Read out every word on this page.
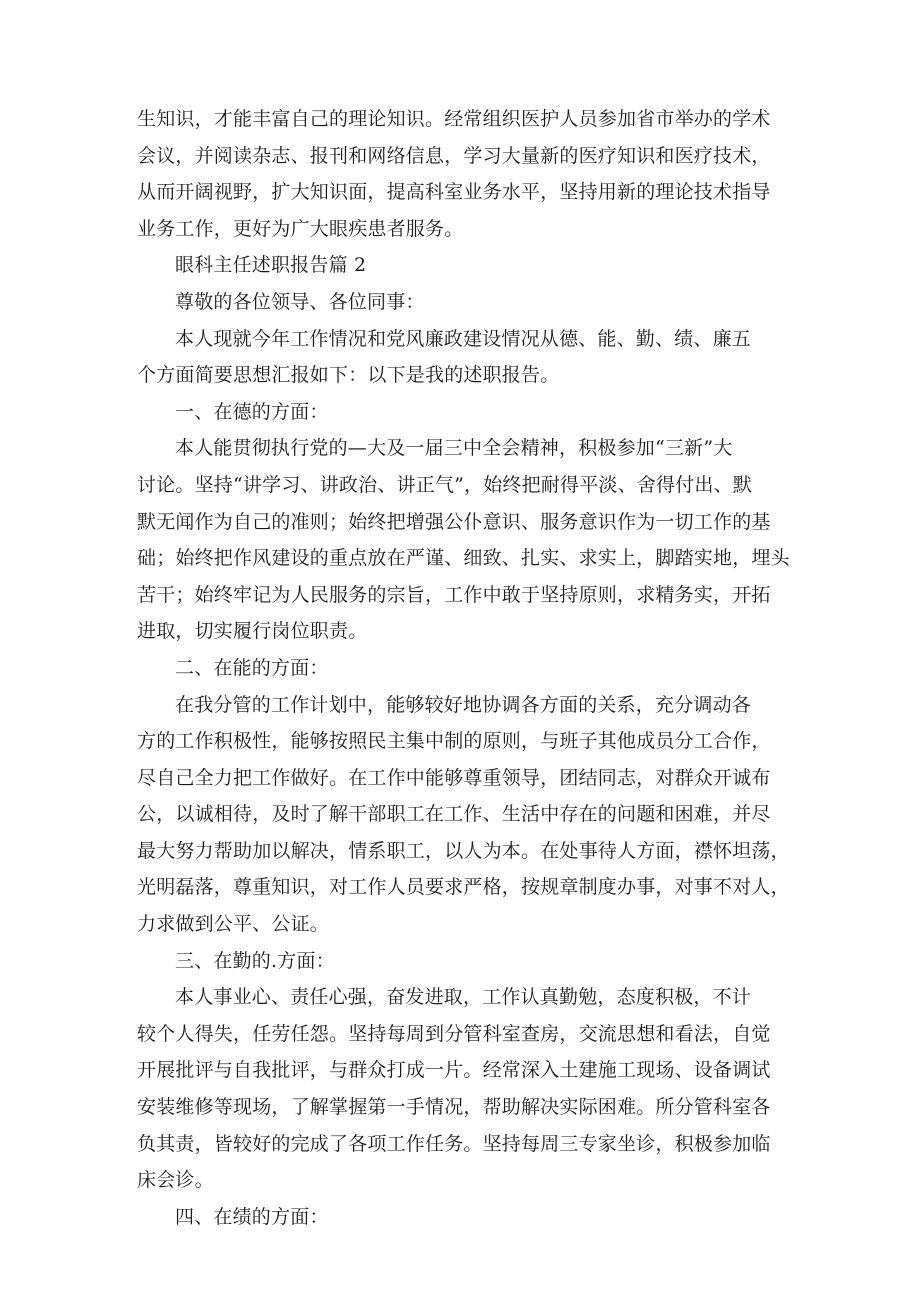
生知识，才能丰富自己的理论知识。经常组织医护人员参加省市举办的学术
会议，并阅读杂志、报刊和网络信息，学习大量新的医疗知识和医疗技术，
从而开阔视野，扩大知识面，提高科室业务水平，坚持用新的理论技术指导
业务工作，更好为广大眼疾患者服务。
眼科主任述职报告篇 2
尊敬的各位领导、各位同事：
本人现就今年工作情况和党风廉政建设情况从德、能、勤、绩、廉五
个方面简要思想汇报如下：以下是我的述职报告。
一、在德的方面：
本人能贯彻执行党的—大及一届三中全会精神，积极参加“三新”大
讨论。坚持“讲学习、讲政治、讲正气”，始终把耐得平淡、舍得付出、默
默无闻作为自己的准则；始终把增强公仆意识、服务意识作为一切工作的基
础；始终把作风建设的重点放在严谨、细致、扎实、求实上，脚踏实地，埋头
苦干；始终牢记为人民服务的宗旨，工作中敢于坚持原则，求精务实，开拓
进取，切实履行岗位职责。
二、在能的方面：
在我分管的工作计划中，能够较好地协调各方面的关系，充分调动各
方的工作积极性，能够按照民主集中制的原则，与班子其他成员分工合作，
尽自己全力把工作做好。在工作中能够尊重领导，团结同志，对群众开诚布
公，以诚相待，及时了解干部职工在工作、生活中存在的问题和困难，并尽
最大努力帮助加以解决，情系职工，以人为本。在处事待人方面，襟怀坦荡，
光明磊落，尊重知识，对工作人员要求严格，按规章制度办事，对事不对人，
力求做到公平、公证。
三、在勤的.方面：
本人事业心、责任心强，奋发进取，工作认真勤勉，态度积极，不计
较个人得失，任劳任怨。坚持每周到分管科室查房，交流思想和看法，自觉
开展批评与自我批评，与群众打成一片。经常深入土建施工现场、设备调试
安装维修等现场，了解掌握第一手情况，帮助解决实际困难。所分管科室各
负其责，皆较好的完成了各项工作任务。坚持每周三专家坐诊，积极参加临
床会诊。
四、在绩的方面：
